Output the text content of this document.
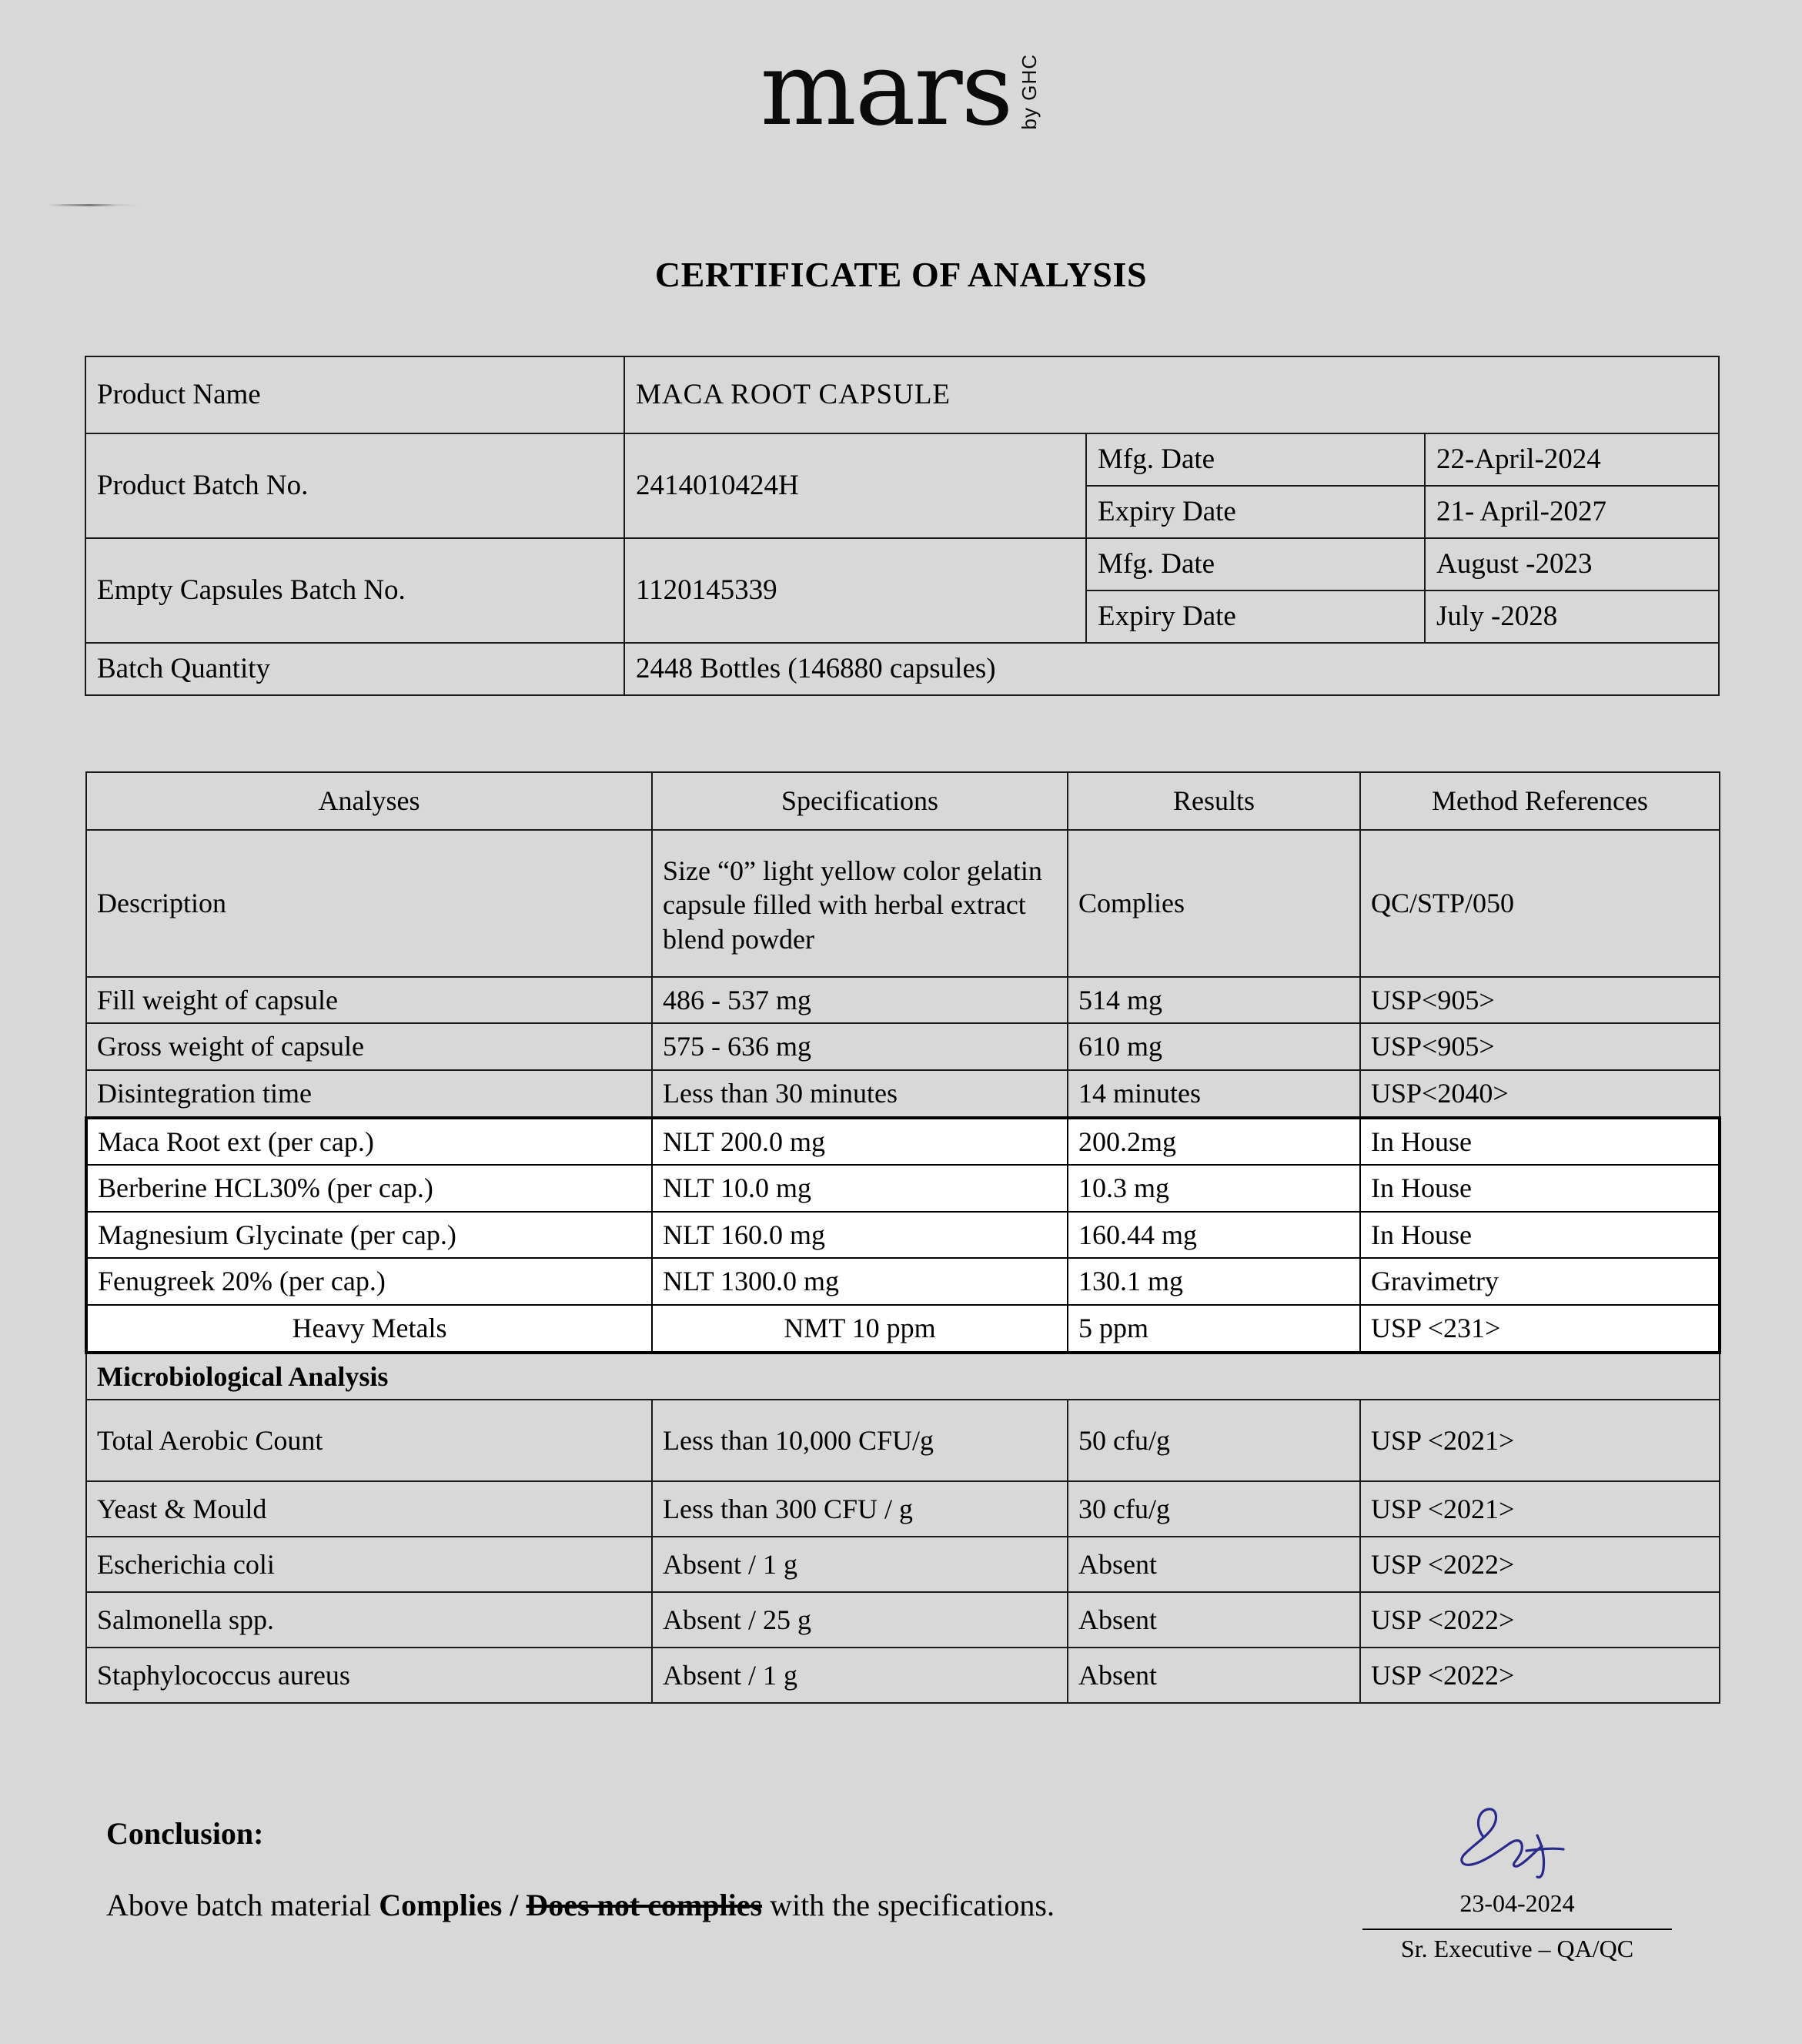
mars by GHC
CERTIFICATE OF ANALYSIS
Product Name	MACA ROOT CAPSULE		
Product Batch No.	2414010424H	Mfg. Date	22-April-2024
		Expiry Date	21- April-2027
Empty Capsules Batch No.	1120145339	Mfg. Date	August -2023
		Expiry Date	July -2028
Batch Quantity	2448 Bottles (146880 capsules)		
Analyses	Specifications	Results	Method References
Description	Size “0” light yellow color gelatin capsule filled with herbal extract blend powder	Complies	QC/STP/050
Fill weight of capsule	486 - 537 mg	514 mg	USP<905>
Gross weight of capsule	575 - 636 mg	610 mg	USP<905>
Disintegration time	Less than 30 minutes	14 minutes	USP<2040>
Maca Root ext (per cap.)	NLT 200.0 mg	200.2mg	In House
Berberine HCL30% (per cap.)	NLT 10.0 mg	10.3 mg	In House
Magnesium Glycinate (per cap.)	NLT 160.0 mg	160.44 mg	In House
Fenugreek 20% (per cap.)	NLT 1300.0 mg	130.1 mg	Gravimetry
Heavy Metals	NMT 10 ppm	5 ppm	USP <231>
Microbiological Analysis			
Total Aerobic Count	Less than 10,000 CFU/g	50 cfu/g	USP <2021>
Yeast & Mould	Less than 300 CFU / g	30 cfu/g	USP <2021>
Escherichia coli	Absent / 1 g	Absent	USP <2022>
Salmonella spp.	Absent / 25 g	Absent	USP <2022>
Staphylococcus aureus	Absent / 1 g	Absent	USP <2022>
Conclusion:
Above batch material Complies / Does not complies with the specifications.	23-04-2024
Sr. Executive – QA/QC
